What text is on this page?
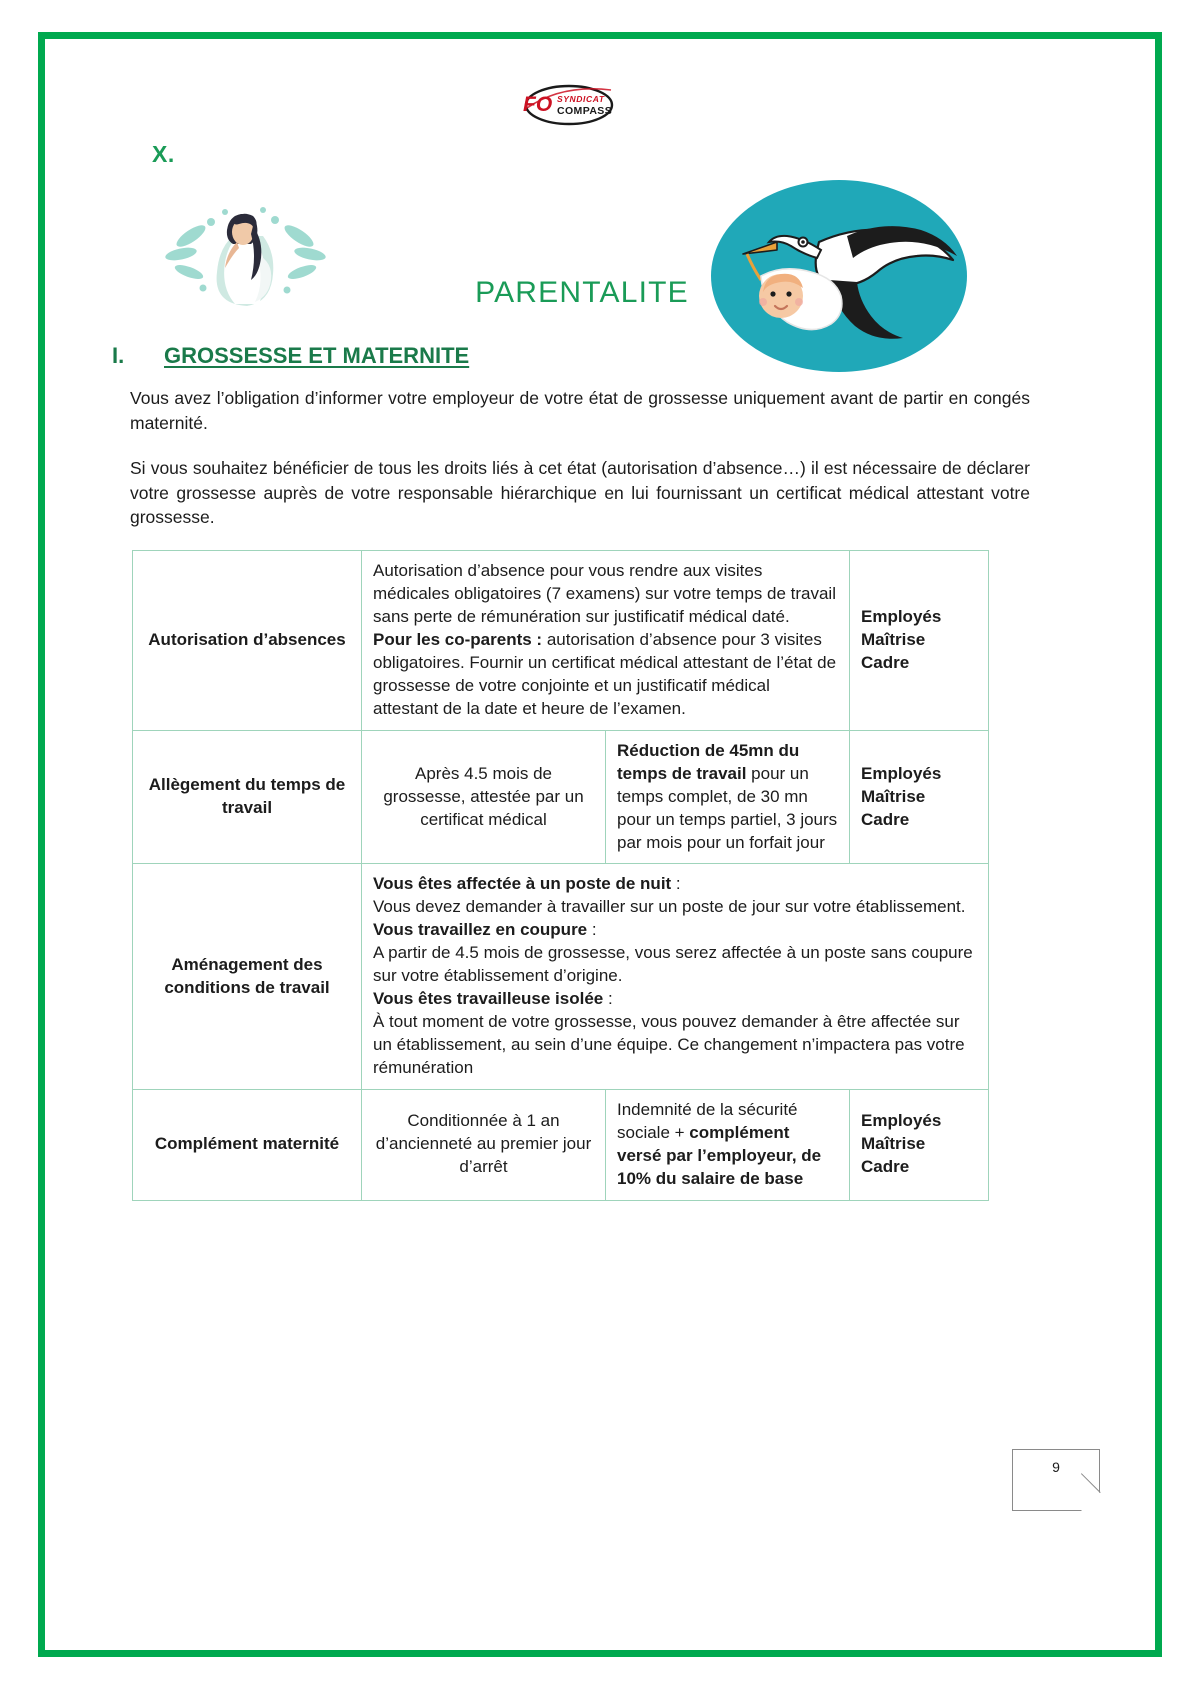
FO SYNDICAT
COMPASS
X.
PARENTALITE
I. GROSSESSE ET MATERNITE

Vous avez l’obligation d’informer votre employeur de votre état de grossesse uniquement avant de partir en congés maternité.

Si vous souhaitez bénéficier de tous les droits liés à cet état (autorisation d’absence…) il est nécessaire de déclarer votre grossesse auprès de votre responsable hiérarchique en lui fournissant un certificat médical attestant votre grossesse.

Autorisation d’absences	Autorisation d’absence pour vous rendre aux visites médicales obligatoires (7 examens) sur votre temps de travail sans perte de rémunération sur justificatif médical daté.
Pour les co-parents : autorisation d’absence pour 3 visites obligatoires. Fournir un certificat médical attestant de l’état de grossesse de votre conjointe et un justificatif médical attestant de la date et heure de l’examen.	
Employés
Maîtrise
Cadre

Allègement du temps de travail	Après 4.5 mois de grossesse, attestée par un certificat médical	Réduction de 45mn du temps de travail pour un temps complet, de 30 mn pour un temps partiel, 3 jours par mois pour un forfait jour	Employés
Maîtrise
Cadre

Aménagement des conditions de travail	Vous êtes affectée à un poste de nuit :
Vous devez demander à travailler sur un poste de jour sur votre établissement.
Vous travaillez en coupure :
A partir de 4.5 mois de grossesse, vous serez affectée à un poste sans coupure sur votre établissement d’origine.
Vous êtes travailleuse isolée :
À tout moment de votre grossesse, vous pouvez demander à être affectée sur un établissement, au sein d’une équipe. Ce changement n’impactera pas votre rémunération
Complément maternité	Conditionnée à 1 an d’ancienneté au premier jour d’arrêt	Indemnité de la sécurité sociale + complément versé par l’employeur, de 10% du salaire de base	Employés
Maîtrise
Cadre
9
